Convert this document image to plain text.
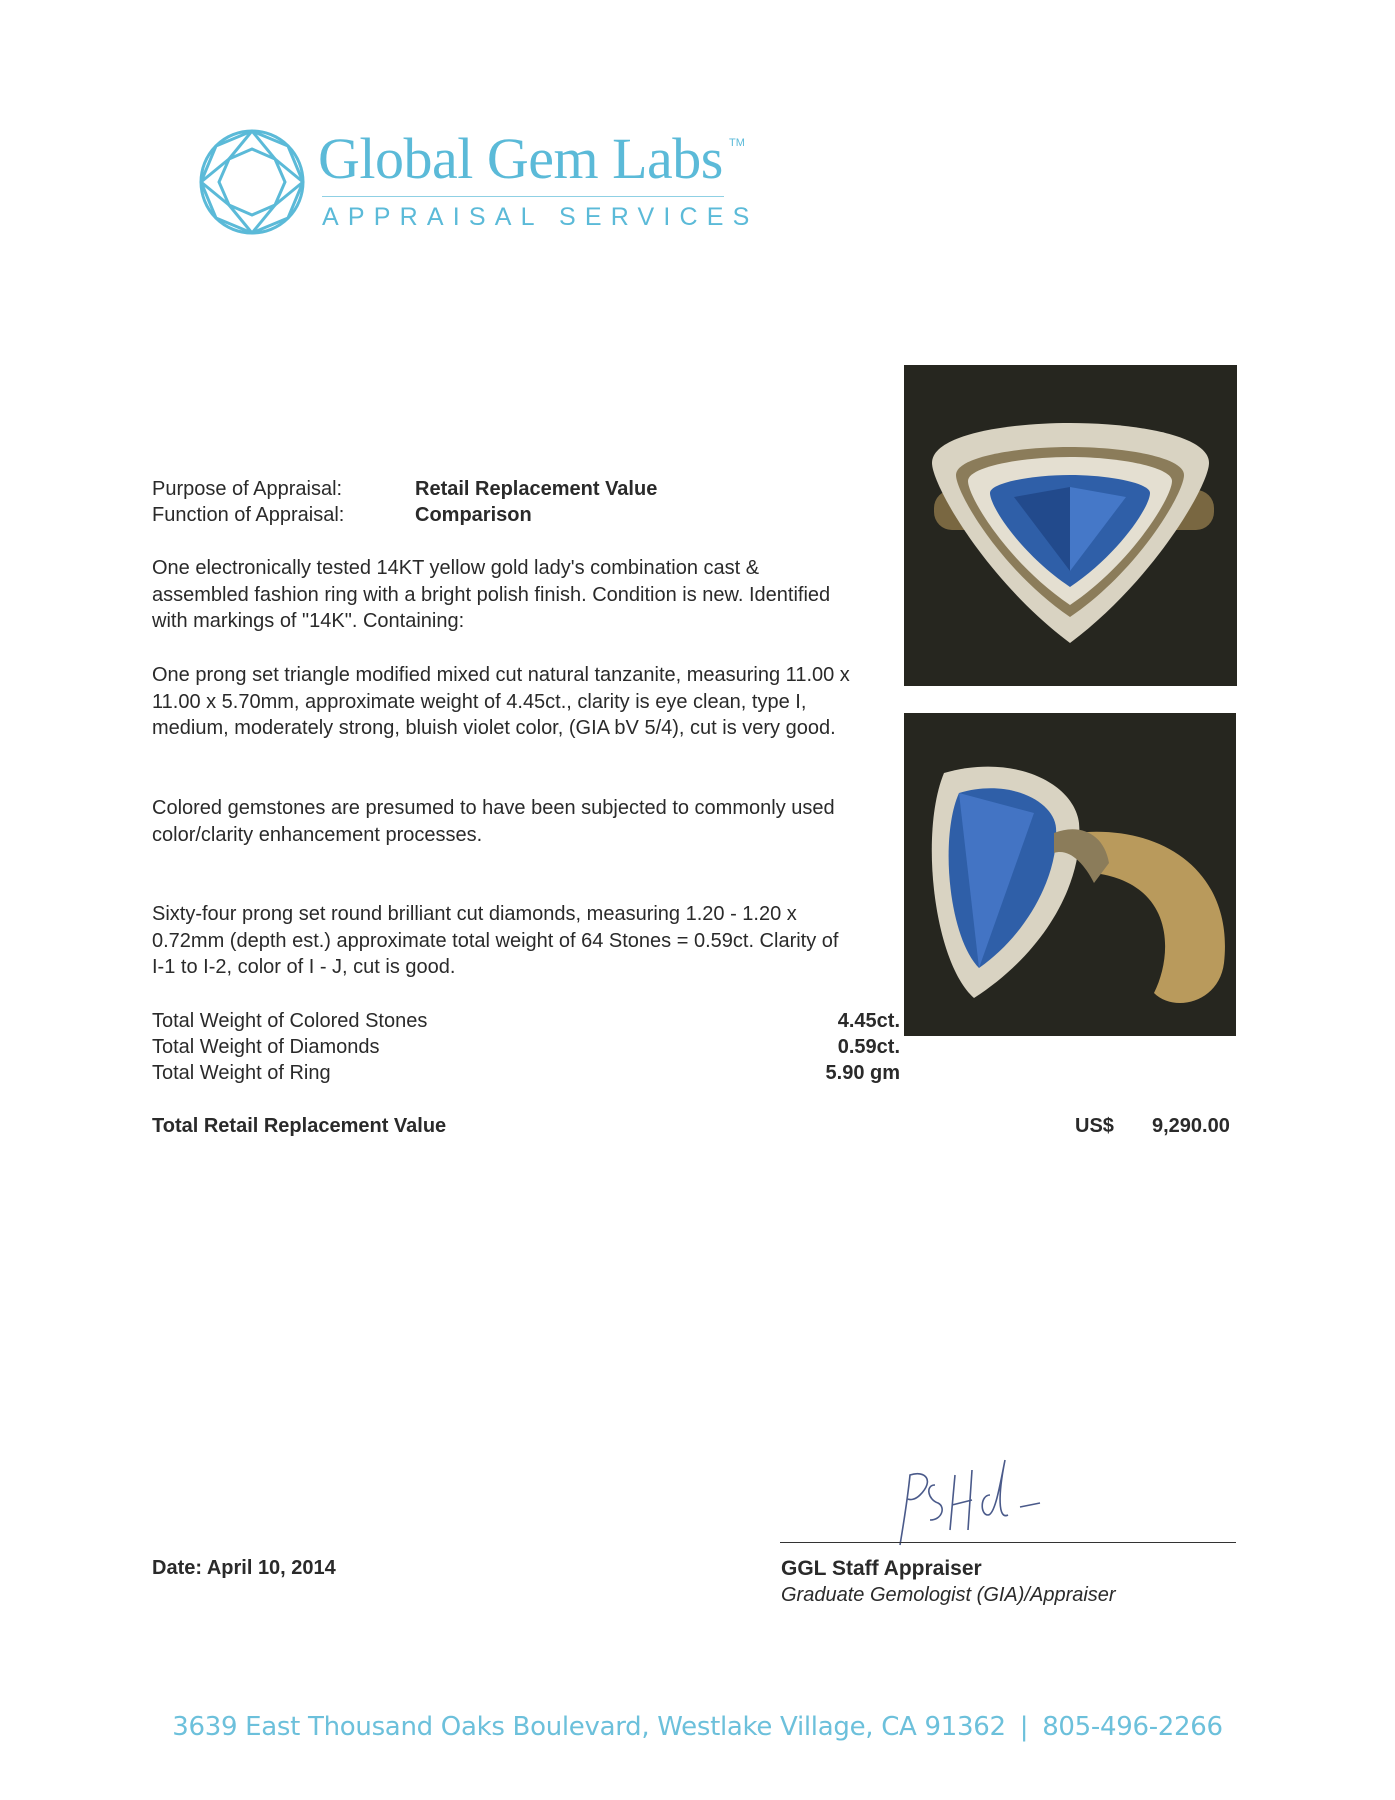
Global Gem Labs TM
APPRAISAL SERVICES
Purpose of Appraisal:	Retail Replacement Value
Function of Appraisal:	Comparison
One electronically tested 14KT yellow gold lady's combination cast & assembled fashion ring with a bright polish finish. Condition is new. Identified with markings of "14K". Containing:
One prong set triangle modified mixed cut natural tanzanite, measuring 11.00 x 11.00 x 5.70mm, approximate weight of 4.45ct., clarity is eye clean, type I, medium, moderately strong, bluish violet color, (GIA bV 5/4), cut is very good.
Colored gemstones are presumed to have been subjected to commonly used color/clarity enhancement processes.
Sixty-four prong set round brilliant cut diamonds, measuring 1.20 - 1.20 x 0.72mm (depth est.) approximate total weight of 64 Stones = 0.59ct. Clarity of I-1 to I-2, color of I - J, cut is good.
Total Weight of Colored Stones	4.45ct.
Total Weight of Diamonds	0.59ct.
Total Weight of Ring	5.90 gm
Total Retail Replacement Value	US$ 9,290.00
Date: April 10, 2014	GGL Staff Appraiser
Graduate Gemologist (GIA)/Appraiser
3639 East Thousand Oaks Boulevard, Westlake Village, CA 91362 | 805-496-2266
